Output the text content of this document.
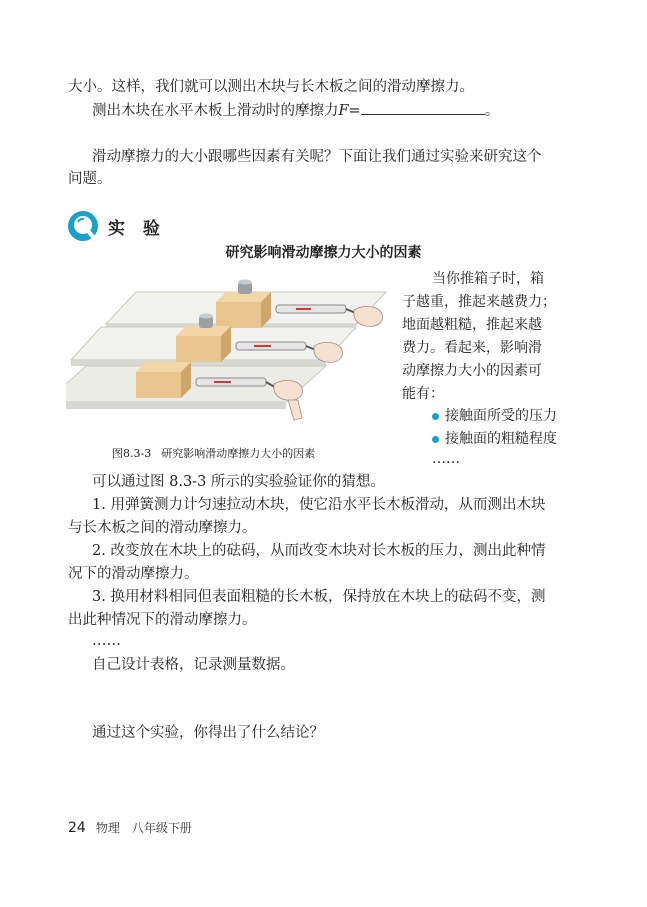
大小。这样，我们就可以测出木块与长木板之间的滑动摩擦力。
测出木块在水平木板上滑动时的摩擦力F=	。
滑动摩擦力的大小跟哪些因素有关呢？下面让我们通过实验来研究这个
问题。
实 验
研究影响滑动摩擦力大小的因素
当你推箱子时，箱
子越重，推起来越费力；
地面越粗糙，推起来越
费力。看起来，影响滑
动摩擦力大小的因素可
能有：
接触面所受的压力
接触面的粗糙程度
……
图8.3-3 研究影响滑动摩擦力大小的因素
可以通过图 8.3-3 所示的实验验证你的猜想。
1. 用弹簧测力计匀速拉动木块，使它沿水平长木板滑动，从而测出木块
与长木板之间的滑动摩擦力。
2. 改变放在木块上的砝码，从而改变木块对长木板的压力，测出此种情
况下的滑动摩擦力。
3. 换用材料相同但表面粗糙的长木板，保持放在木块上的砝码不变，测
出此种情况下的滑动摩擦力。
……
自己设计表格，记录测量数据。
通过这个实验，你得出了什么结论？
24 物理　八年级下册
